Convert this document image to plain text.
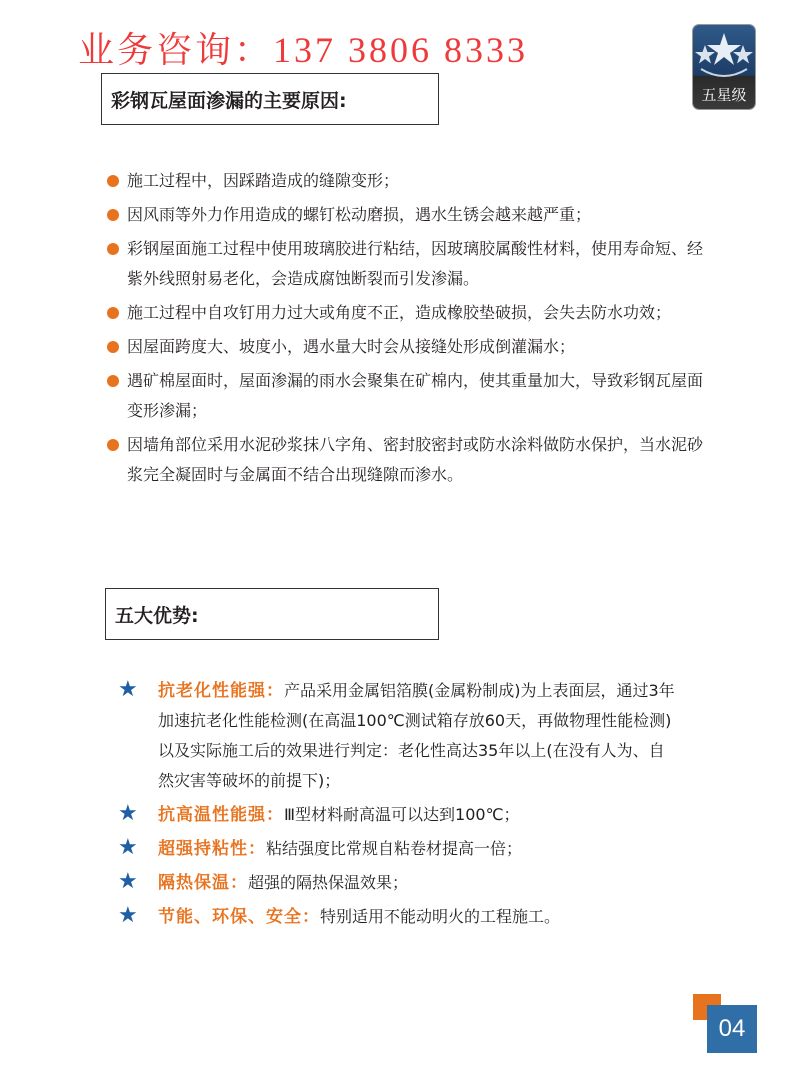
业务咨询：137 3806 8333
五星级
彩钢瓦屋面渗漏的主要原因:
施工过程中，因踩踏造成的缝隙变形；
因风雨等外力作用造成的螺钉松动磨损，遇水生锈会越来越严重；
彩钢屋面施工过程中使用玻璃胶进行粘结，因玻璃胶属酸性材料，使用寿命短、经紫外线照射易老化，会造成腐蚀断裂而引发渗漏。
施工过程中自攻钉用力过大或角度不正，造成橡胶垫破损，会失去防水功效；
因屋面跨度大、坡度小，遇水量大时会从接缝处形成倒灌漏水；
遇矿棉屋面时，屋面渗漏的雨水会聚集在矿棉内，使其重量加大，导致彩钢瓦屋面变形渗漏；
因墙角部位采用水泥砂浆抹八字角、密封胶密封或防水涂料做防水保护，当水泥砂浆完全凝固时与金属面不结合出现缝隙而渗水。
五大优势:
★ 抗老化性能强：产品采用金属铝箔膜(金属粉制成)为上表面层，通过3年加速抗老化性能检测(在高温100℃测试箱存放60天，再做物理性能检测)以及实际施工后的效果进行判定：老化性高达35年以上(在没有人为、自然灾害等破坏的前提下)；
★ 抗高温性能强：Ⅲ型材料耐高温可以达到100℃；
★ 超强持粘性：粘结强度比常规自粘卷材提高一倍；
★ 隔热保温：超强的隔热保温效果；
★ 节能、环保、安全：特别适用不能动明火的工程施工。
04
